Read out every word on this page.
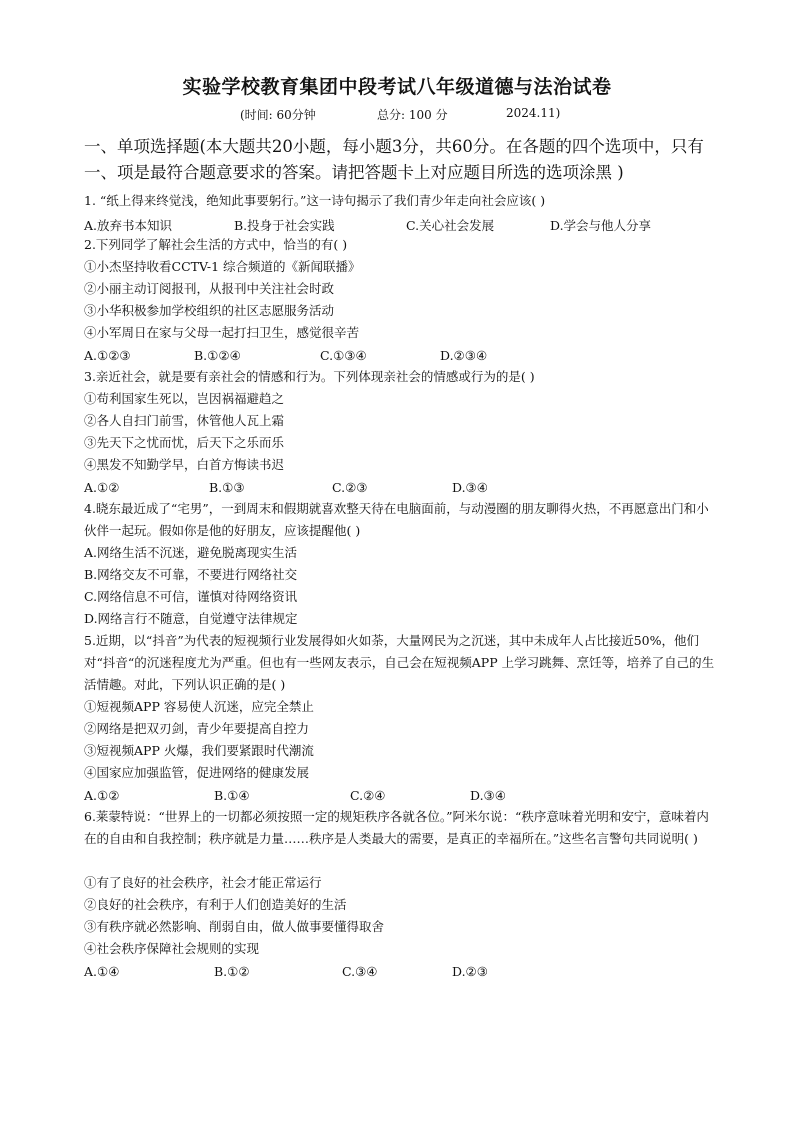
实验学校教育集团中段考试八年级道德与法治试卷
(时间: 60分钟	总分: 100 分	2024.11)
一、单项选择题(本大题共20小题，每小题3分，共60分。在各题的四个选项中，只有一、项是最符合题意要求的答案。请把答题卡上对应题目所选的选项涂黑 )
1. “纸上得来终觉浅，绝知此事要躬行。”这一诗句揭示了我们青少年走向社会应该( )
A.放弃书本知识	B.投身于社会实践	C.关心社会发展	D.学会与他人分享
2.下列同学了解社会生活的方式中，恰当的有( )
①小杰坚持收看CCTV-1 综合频道的《新闻联播》
②小丽主动订阅报刊，从报刊中关注社会时政
③小华积极参加学校组织的社区志愿服务活动
④小军周日在家与父母一起打扫卫生，感觉很辛苦
A.①②③	B.①②④	C.①③④	D.②③④
3.亲近社会，就是要有亲社会的情感和行为。下列体现亲社会的情感或行为的是( )
①苟利国家生死以，岂因祸福避趋之
②各人自扫门前雪，休管他人瓦上霜
③先天下之忧而忧，后天下之乐而乐
④黑发不知勤学早，白首方悔读书迟
A.①②	B.①③	C.②③	D.③④
4.晓东最近成了“宅男”，一到周末和假期就喜欢整天待在电脑面前，与动漫圈的朋友聊得火热，不再愿意出门和小伙伴一起玩。假如你是他的好朋友，应该提醒他( )
A.网络生活不沉迷，避免脱离现实生活
B.网络交友不可靠，不要进行网络社交
C.网络信息不可信，谨慎对待网络资讯
D.网络言行不随意，自觉遵守法律规定
5.近期，以“抖音”为代表的短视频行业发展得如火如荼，大量网民为之沉迷，其中未成年人占比接近50%，他们对“抖音“的沉迷程度尤为严重。但也有一些网友表示，自己会在短视频APP 上学习跳舞、烹饪等，培养了自己的生活情趣。对此，下列认识正确的是( )
①短视频APP 容易使人沉迷，应完全禁止
②网络是把双刃剑，青少年要提高自控力
③短视频APP 火爆，我们要紧跟时代潮流
④国家应加强监管，促进网络的健康发展
A.①②	B.①④	C.②④	D.③④
6.莱蒙特说：“世界上的一切都必须按照一定的规矩秩序各就各位。”阿米尔说：“秩序意味着光明和安宁，意味着内在的自由和自我控制；秩序就是力量……秩序是人类最大的需要，是真正的幸福所在。”这些名言警句共同说明( )
①有了良好的社会秩序，社会才能正常运行
②良好的社会秩序，有利于人们创造美好的生活
③有秩序就必然影响、削弱自由，做人做事要懂得取舍
④社会秩序保障社会规则的实现
A.①④	B.①②	C.③④	D.②③
